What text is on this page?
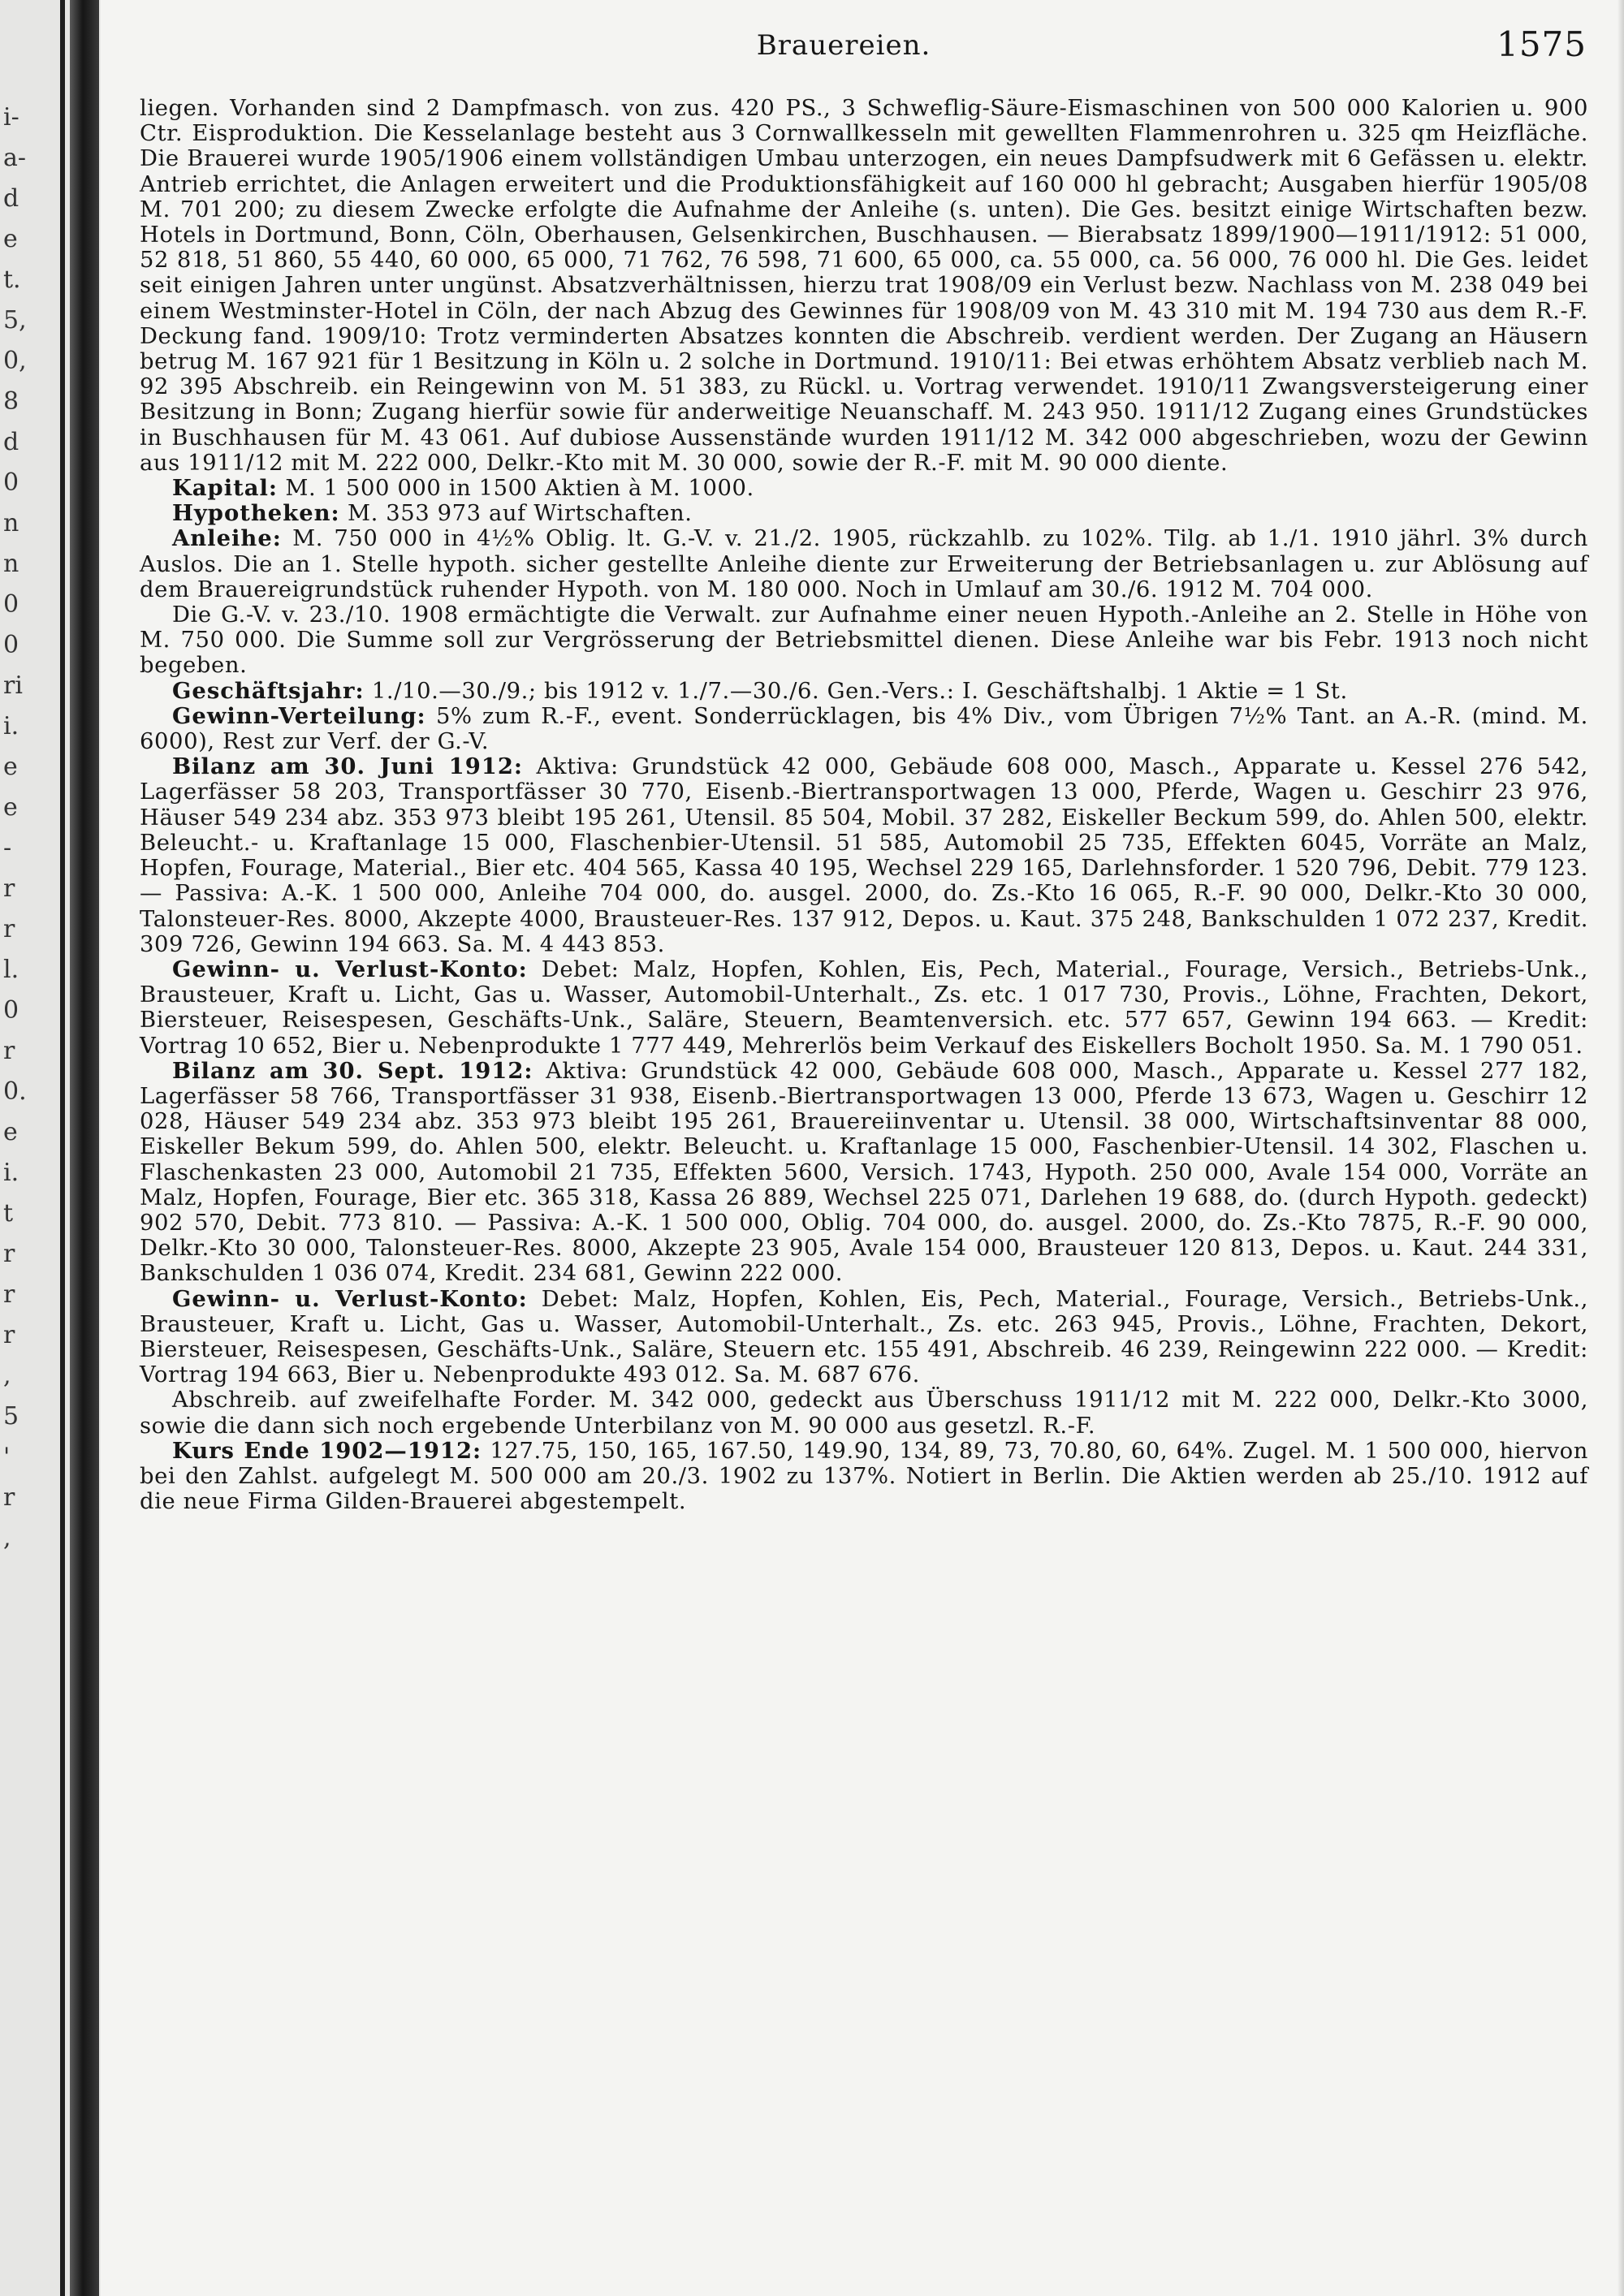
i-
a-
d
e
t.
5,
0,
8
d
0
n
n
0
0
ri
i.
e
e
-
r
r
l.
0
r
0.
e
i.
t
r
r
r
,
5
'
r
,
Brauereien.	1575

liegen. Vorhanden sind 2 Dampfmasch. von zus. 420 PS., 3 Schweflig-Säure-Eismaschinen von 500 000 Kalorien u. 900 Ctr. Eisproduktion. Die Kesselanlage besteht aus 3 Cornwallkesseln mit gewellten Flammenrohren u. 325 qm Heizfläche. Die Brauerei wurde 1905/1906 einem vollständigen Umbau unterzogen, ein neues Dampfsudwerk mit 6 Gefässen u. elektr. Antrieb errichtet, die Anlagen erweitert und die Produktionsfähigkeit auf 160 000 hl gebracht; Ausgaben hierfür 1905/08 M. 701 200; zu diesem Zwecke erfolgte die Aufnahme der Anleihe (s. unten). Die Ges. besitzt einige Wirtschaften bezw. Hotels in Dortmund, Bonn, Cöln, Oberhausen, Gelsenkirchen, Buschhausen. — Bierabsatz 1899/1900—1911/1912: 51 000, 52 818, 51 860, 55 440, 60 000, 65 000, 71 762, 76 598, 71 600, 65 000, ca. 55 000, ca. 56 000, 76 000 hl. Die Ges. leidet seit einigen Jahren unter ungünst. Absatzverhältnissen, hierzu trat 1908/09 ein Verlust bezw. Nachlass von M. 238 049 bei einem Westminster-Hotel in Cöln, der nach Abzug des Gewinnes für 1908/09 von M. 43 310 mit M. 194 730 aus dem R.-F. Deckung fand. 1909/10: Trotz verminderten Absatzes konnten die Abschreib. verdient werden. Der Zugang an Häusern betrug M. 167 921 für 1 Besitzung in Köln u. 2 solche in Dortmund. 1910/11: Bei etwas erhöhtem Absatz verblieb nach M. 92 395 Abschreib. ein Reingewinn von M. 51 383, zu Rückl. u. Vortrag verwendet. 1910/11 Zwangsversteigerung einer Besitzung in Bonn; Zugang hierfür sowie für anderweitige Neuanschaff. M. 243 950. 1911/12 Zugang eines Grundstückes in Buschhausen für M. 43 061. Auf dubiose Aussenstände wurden 1911/12 M. 342 000 abgeschrieben, wozu der Gewinn aus 1911/12 mit M. 222 000, Delkr.-Kto mit M. 30 000, sowie der R.-F. mit M. 90 000 diente.

Kapital: M. 1 500 000 in 1500 Aktien à M. 1000.

Hypotheken: M. 353 973 auf Wirtschaften.

Anleihe: M. 750 000 in 4½% Oblig. lt. G.-V. v. 21./2. 1905, rückzahlb. zu 102%. Tilg. ab 1./1. 1910 jährl. 3% durch Auslos. Die an 1. Stelle hypoth. sicher gestellte Anleihe diente zur Erweiterung der Betriebsanlagen u. zur Ablösung auf dem Brauereigrundstück ruhender Hypoth. von M. 180 000. Noch in Umlauf am 30./6. 1912 M. 704 000.

Die G.-V. v. 23./10. 1908 ermächtigte die Verwalt. zur Aufnahme einer neuen Hypoth.-Anleihe an 2. Stelle in Höhe von M. 750 000. Die Summe soll zur Vergrösserung der Betriebsmittel dienen. Diese Anleihe war bis Febr. 1913 noch nicht begeben.

Geschäftsjahr: 1./10.—30./9.; bis 1912 v. 1./7.—30./6. Gen.-Vers.: I. Geschäftshalbj. 1 Aktie = 1 St.

Gewinn-Verteilung: 5% zum R.-F., event. Sonderrücklagen, bis 4% Div., vom Übrigen 7½% Tant. an A.-R. (mind. M. 6000), Rest zur Verf. der G.-V.

Bilanz am 30. Juni 1912: Aktiva: Grundstück 42 000, Gebäude 608 000, Masch., Apparate u. Kessel 276 542, Lagerfässer 58 203, Transportfässer 30 770, Eisenb.-Biertransportwagen 13 000, Pferde, Wagen u. Geschirr 23 976, Häuser 549 234 abz. 353 973 bleibt 195 261, Utensil. 85 504, Mobil. 37 282, Eiskeller Beckum 599, do. Ahlen 500, elektr. Beleucht.- u. Kraftanlage 15 000, Flaschenbier-Utensil. 51 585, Automobil 25 735, Effekten 6045, Vorräte an Malz, Hopfen, Fourage, Material., Bier etc. 404 565, Kassa 40 195, Wechsel 229 165, Darlehnsforder. 1 520 796, Debit. 779 123. — Passiva: A.-K. 1 500 000, Anleihe 704 000, do. ausgel. 2000, do. Zs.-Kto 16 065, R.-F. 90 000, Delkr.-Kto 30 000, Talonsteuer-Res. 8000, Akzepte 4000, Brausteuer-Res. 137 912, Depos. u. Kaut. 375 248, Bankschulden 1 072 237, Kredit. 309 726, Gewinn 194 663. Sa. M. 4 443 853.

Gewinn- u. Verlust-Konto: Debet: Malz, Hopfen, Kohlen, Eis, Pech, Material., Fourage, Versich., Betriebs-Unk., Brausteuer, Kraft u. Licht, Gas u. Wasser, Automobil-Unterhalt., Zs. etc. 1 017 730, Provis., Löhne, Frachten, Dekort, Biersteuer, Reisespesen, Geschäfts-Unk., Saläre, Steuern, Beamtenversich. etc. 577 657, Gewinn 194 663. — Kredit: Vortrag 10 652, Bier u. Nebenprodukte 1 777 449, Mehrerlös beim Verkauf des Eiskellers Bocholt 1950. Sa. M. 1 790 051.

Bilanz am 30. Sept. 1912: Aktiva: Grundstück 42 000, Gebäude 608 000, Masch., Apparate u. Kessel 277 182, Lagerfässer 58 766, Transportfässer 31 938, Eisenb.-Biertransportwagen 13 000, Pferde 13 673, Wagen u. Geschirr 12 028, Häuser 549 234 abz. 353 973 bleibt 195 261, Brauereiinventar u. Utensil. 38 000, Wirtschaftsinventar 88 000, Eiskeller Bekum 599, do. Ahlen 500, elektr. Beleucht. u. Kraftanlage 15 000, Faschenbier-Utensil. 14 302, Flaschen u. Flaschenkasten 23 000, Automobil 21 735, Effekten 5600, Versich. 1743, Hypoth. 250 000, Avale 154 000, Vorräte an Malz, Hopfen, Fourage, Bier etc. 365 318, Kassa 26 889, Wechsel 225 071, Darlehen 19 688, do. (durch Hypoth. gedeckt) 902 570, Debit. 773 810. — Passiva: A.-K. 1 500 000, Oblig. 704 000, do. ausgel. 2000, do. Zs.-Kto 7875, R.-F. 90 000, Delkr.-Kto 30 000, Talonsteuer-Res. 8000, Akzepte 23 905, Avale 154 000, Brausteuer 120 813, Depos. u. Kaut. 244 331, Bankschulden 1 036 074, Kredit. 234 681, Gewinn 222 000.

Gewinn- u. Verlust-Konto: Debet: Malz, Hopfen, Kohlen, Eis, Pech, Material., Fourage, Versich., Betriebs-Unk., Brausteuer, Kraft u. Licht, Gas u. Wasser, Automobil-Unterhalt., Zs. etc. 263 945, Provis., Löhne, Frachten, Dekort, Biersteuer, Reisespesen, Geschäfts-Unk., Saläre, Steuern etc. 155 491, Abschreib. 46 239, Reingewinn 222 000. — Kredit: Vortrag 194 663, Bier u. Nebenprodukte 493 012. Sa. M. 687 676.

Abschreib. auf zweifelhafte Forder. M. 342 000, gedeckt aus Überschuss 1911/12 mit M. 222 000, Delkr.-Kto 3000, sowie die dann sich noch ergebende Unterbilanz von M. 90 000 aus gesetzl. R.-F.

Kurs Ende 1902—1912: 127.75, 150, 165, 167.50, 149.90, 134, 89, 73, 70.80, 60, 64%. Zugel. M. 1 500 000, hiervon bei den Zahlst. aufgelegt M. 500 000 am 20./3. 1902 zu 137%. Notiert in Berlin. Die Aktien werden ab 25./10. 1912 auf die neue Firma Gilden-Brauerei abgestempelt.
